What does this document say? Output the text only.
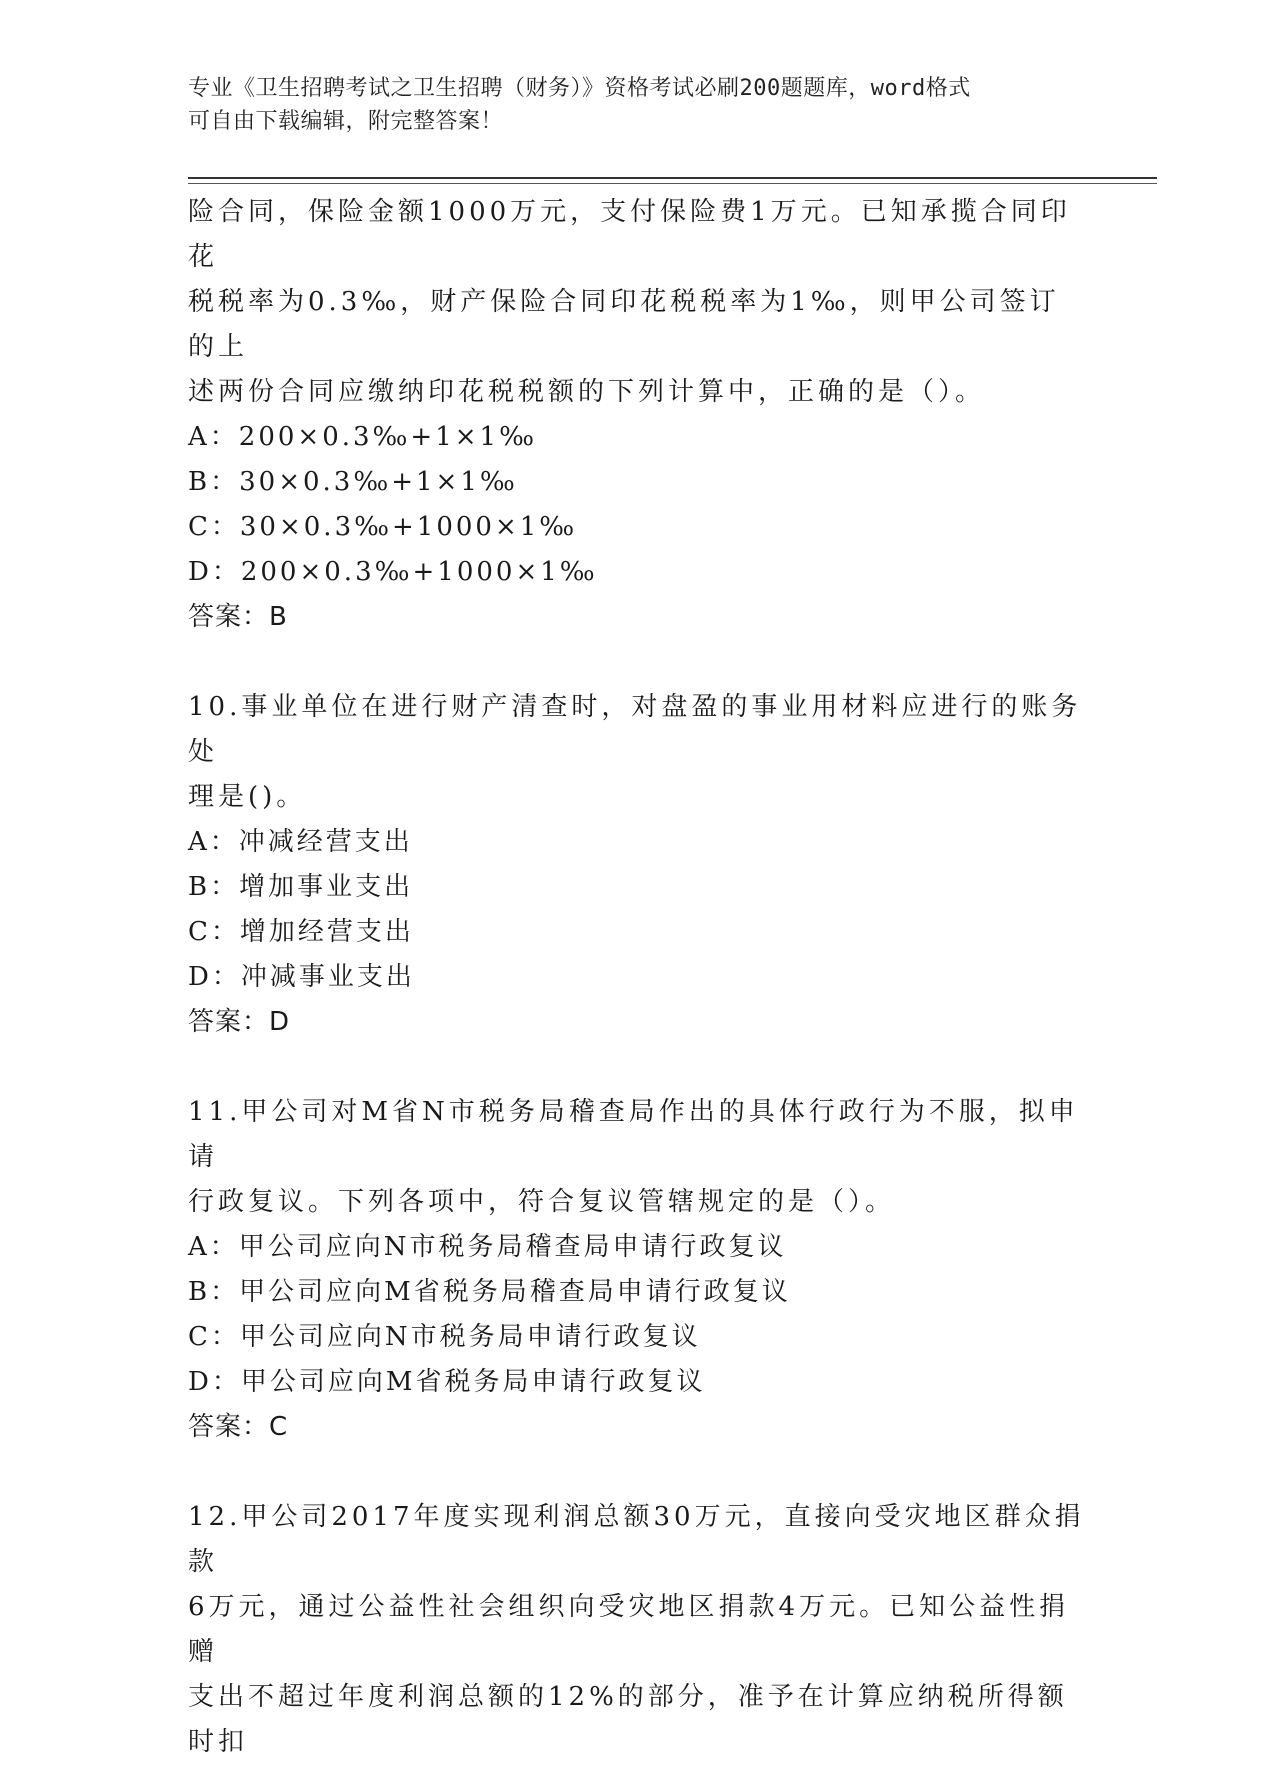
专业《卫生招聘考试之卫生招聘（财务）》资格考试必刷200题题库，word格式
可自由下载编辑，附完整答案！
险合同，保险金额1000万元，支付保险费1万元。已知承揽合同印花
税税率为0.3‰，财产保险合同印花税税率为1‰，则甲公司签订的上
述两份合同应缴纳印花税税额的下列计算中，正确的是（）。
A：200×0.3‰+1×1‰
B：30×0.3‰+1×1‰
C：30×0.3‰+1000×1‰
D：200×0.3‰+1000×1‰
答案：B
10.事业单位在进行财产清查时，对盘盈的事业用材料应进行的账务处
理是()。
A：冲减经营支出
B：增加事业支出
C：增加经营支出
D：冲减事业支出
答案：D
11.甲公司对M省N市税务局稽查局作出的具体行政行为不服，拟申请
行政复议。下列各项中，符合复议管辖规定的是（）。
A：甲公司应向N市税务局稽查局申请行政复议
B：甲公司应向M省税务局稽查局申请行政复议
C：甲公司应向N市税务局申请行政复议
D：甲公司应向M省税务局申请行政复议
答案：C
12.甲公司2017年度实现利润总额30万元，直接向受灾地区群众捐款
6万元，通过公益性社会组织向受灾地区捐款4万元。已知公益性捐赠
支出不超过年度利润总额的12%的部分，准予在计算应纳税所得额时扣
